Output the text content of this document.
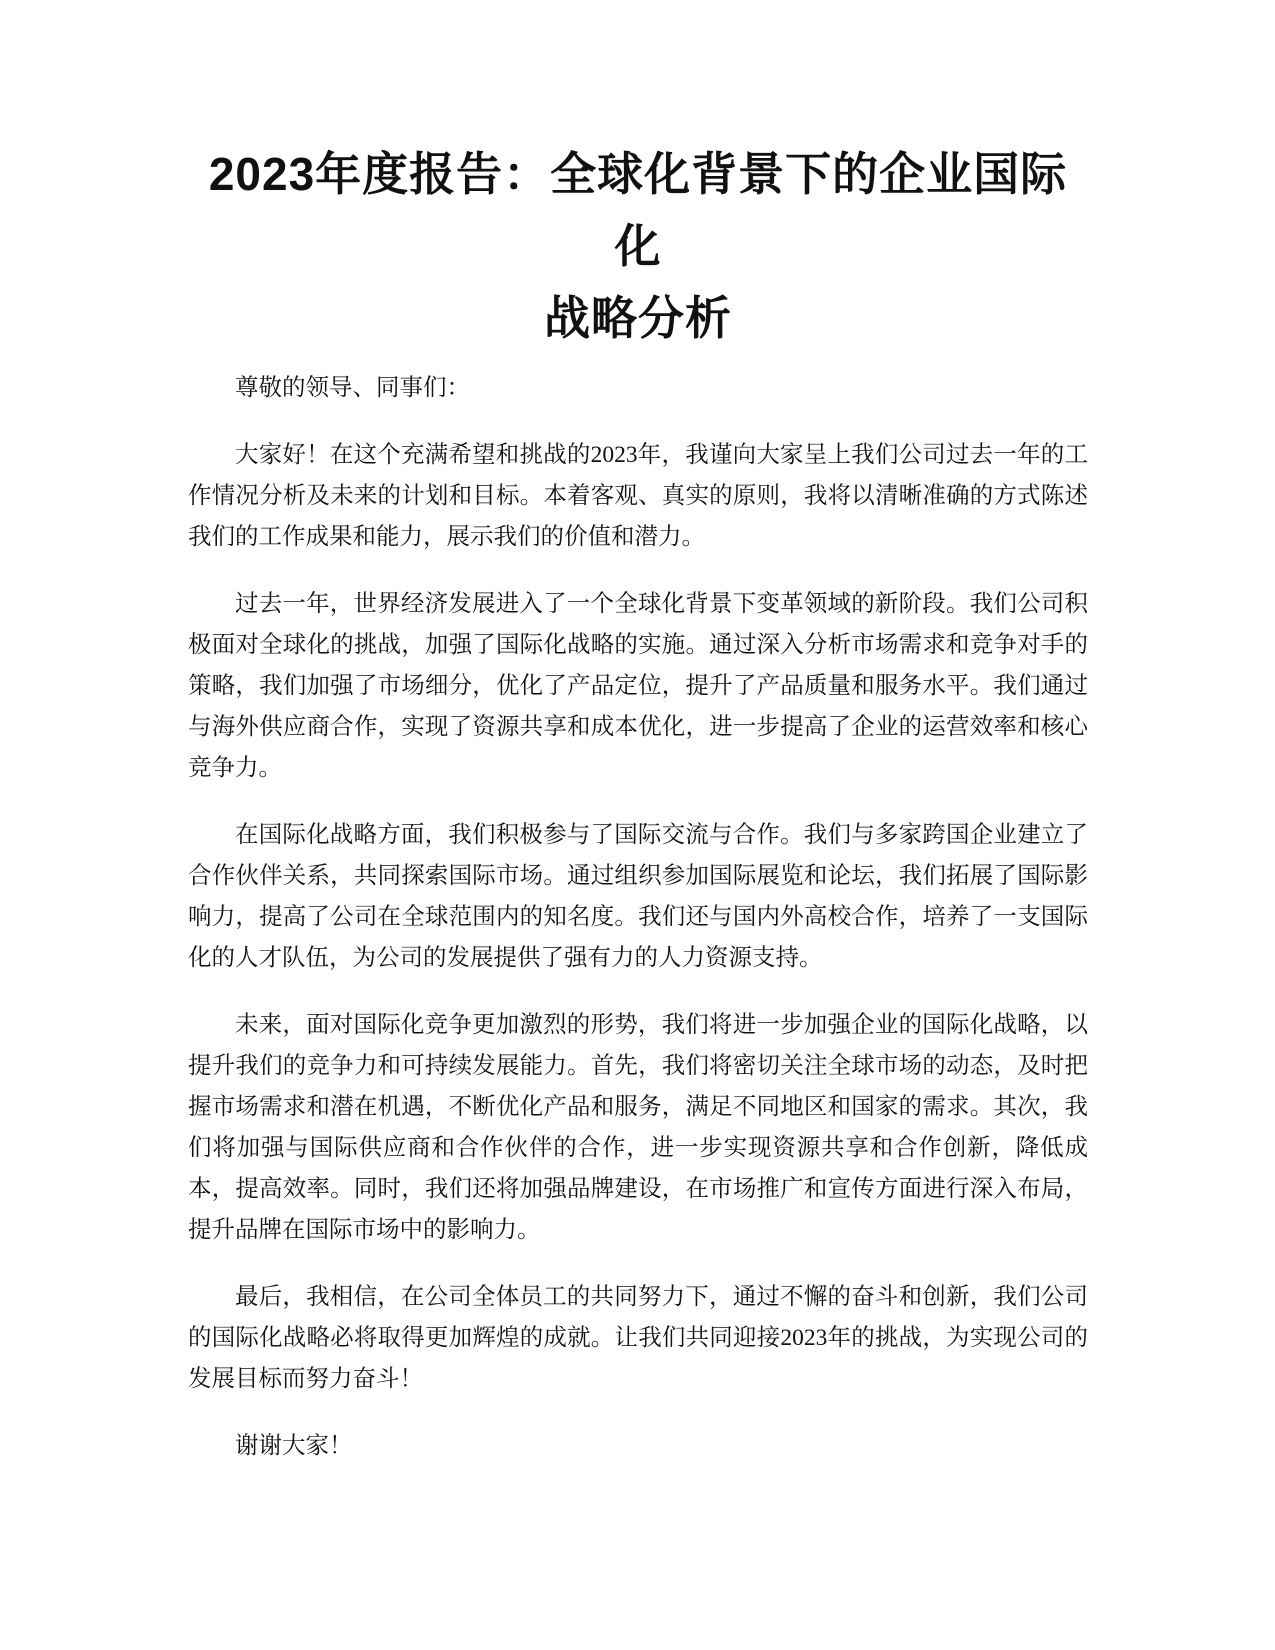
2023年度报告：全球化背景下的企业国际化
战略分析

尊敬的领导、同事们：

大家好！在这个充满希望和挑战的2023年，我谨向大家呈上我们公司过去一年的工作情况分析及未来的计划和目标。本着客观、真实的原则，我将以清晰准确的方式陈述我们的工作成果和能力，展示我们的价值和潜力。

过去一年，世界经济发展进入了一个全球化背景下变革领域的新阶段。我们公司积极面对全球化的挑战，加强了国际化战略的实施。通过深入分析市场需求和竞争对手的策略，我们加强了市场细分，优化了产品定位，提升了产品质量和服务水平。我们通过与海外供应商合作，实现了资源共享和成本优化，进一步提高了企业的运营效率和核心竞争力。

在国际化战略方面，我们积极参与了国际交流与合作。我们与多家跨国企业建立了合作伙伴关系，共同探索国际市场。通过组织参加国际展览和论坛，我们拓展了国际影响力，提高了公司在全球范围内的知名度。我们还与国内外高校合作，培养了一支国际化的人才队伍，为公司的发展提供了强有力的人力资源支持。

未来，面对国际化竞争更加激烈的形势，我们将进一步加强企业的国际化战略，以提升我们的竞争力和可持续发展能力。首先，我们将密切关注全球市场的动态，及时把握市场需求和潜在机遇，不断优化产品和服务，满足不同地区和国家的需求。其次，我们将加强与国际供应商和合作伙伴的合作，进一步实现资源共享和合作创新，降低成本，提高效率。同时，我们还将加强品牌建设，在市场推广和宣传方面进行深入布局，提升品牌在国际市场中的影响力。

最后，我相信，在公司全体员工的共同努力下，通过不懈的奋斗和创新，我们公司的国际化战略必将取得更加辉煌的成就。让我们共同迎接2023年的挑战，为实现公司的发展目标而努力奋斗！

谢谢大家！
